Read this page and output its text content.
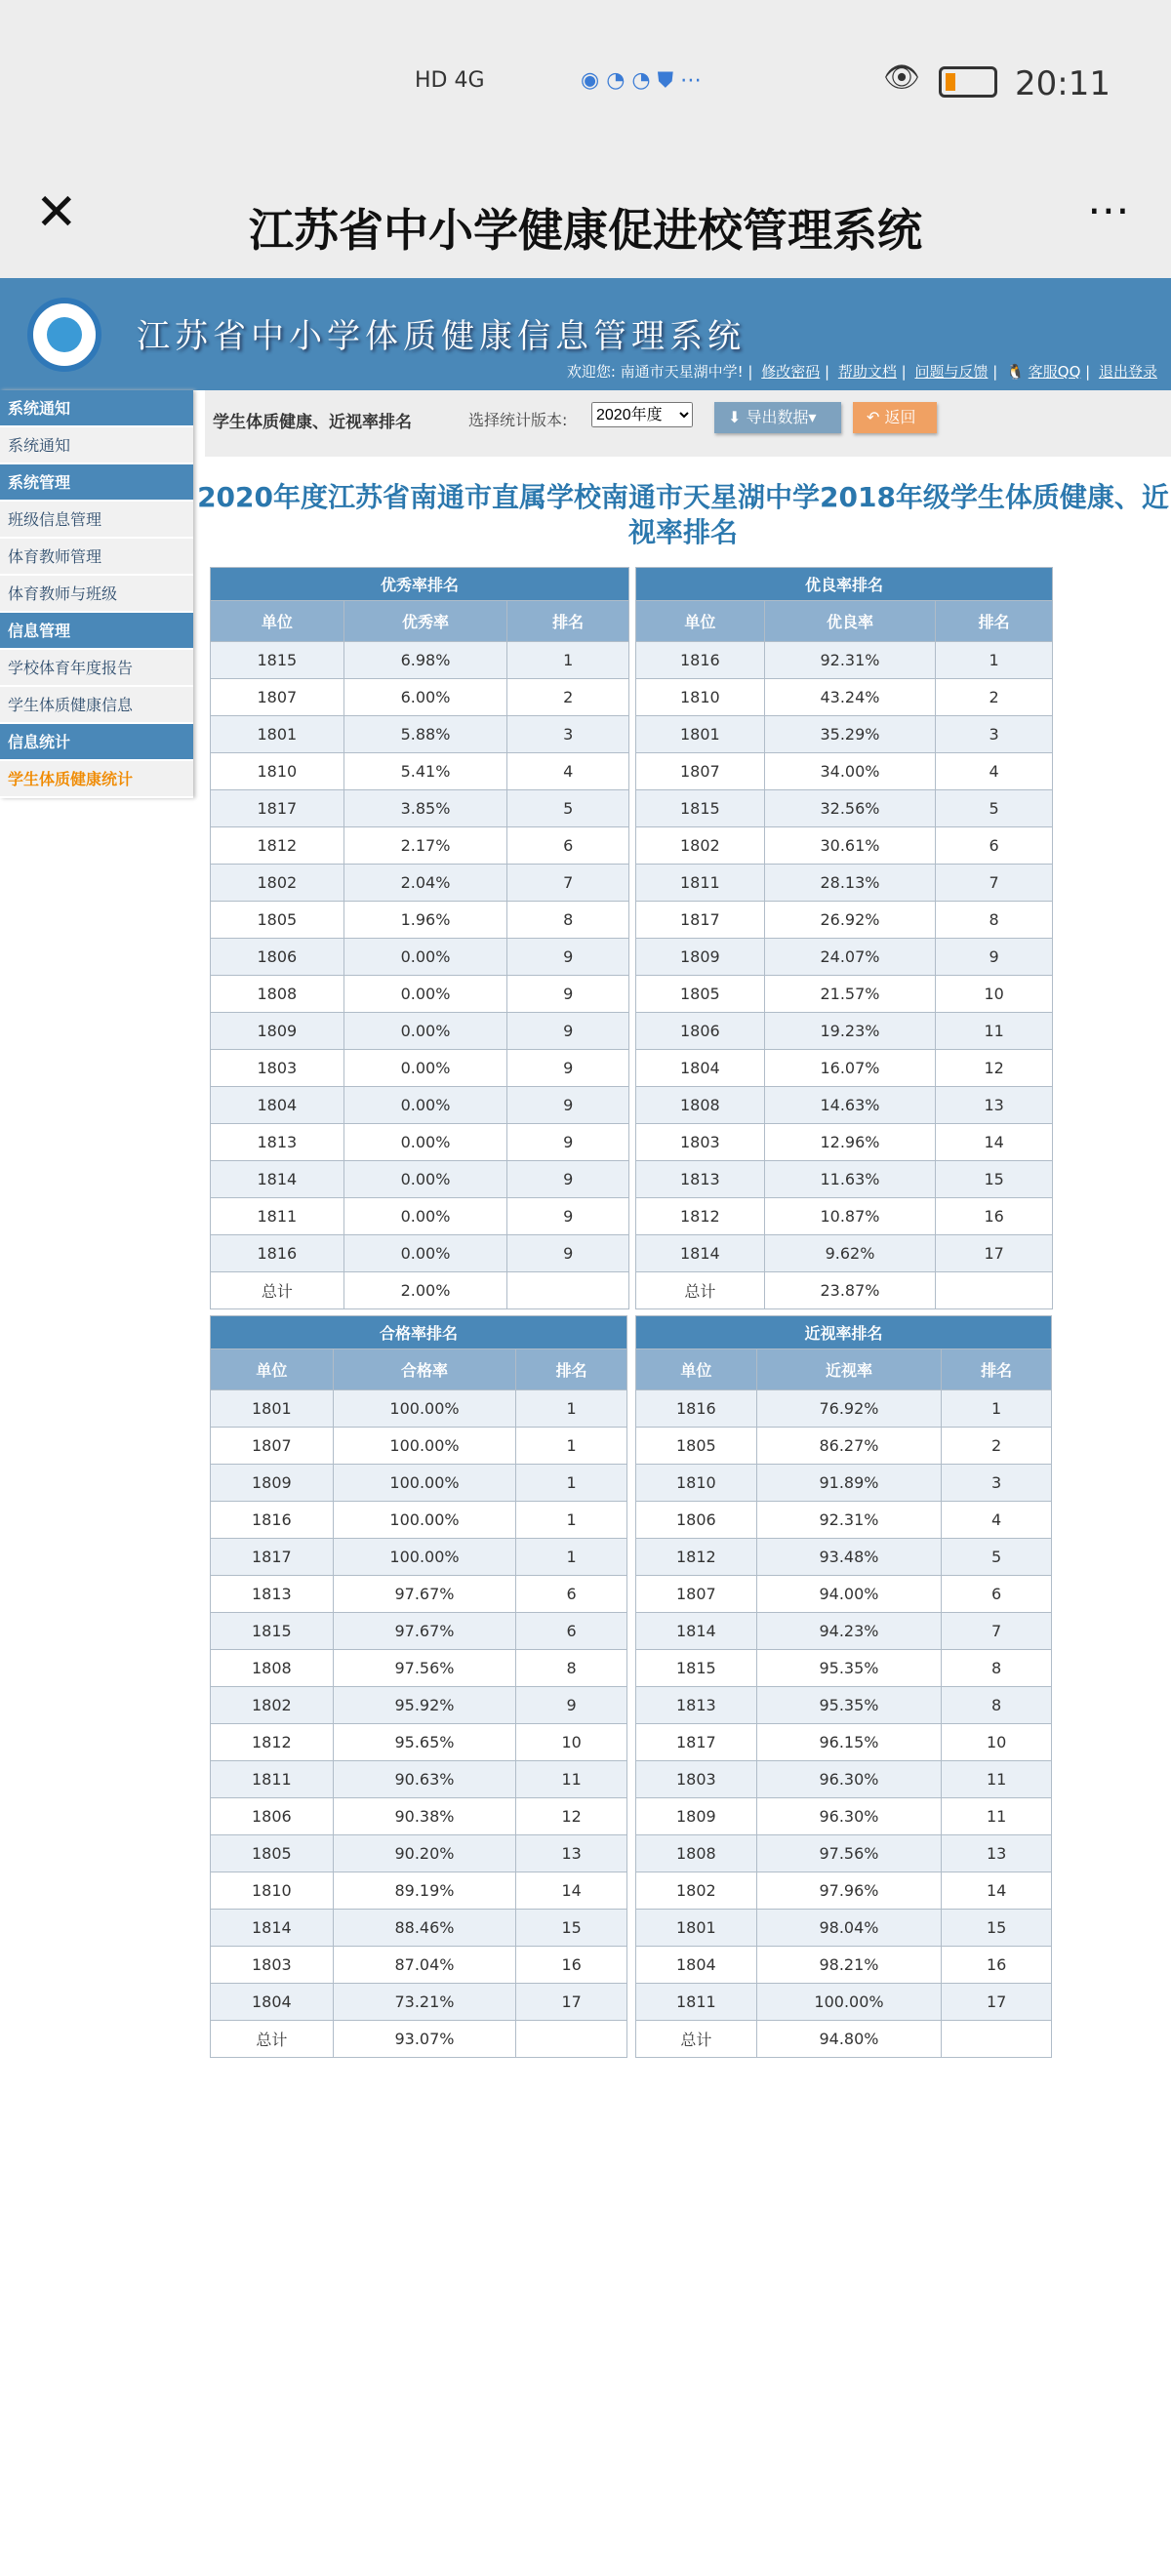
HD 4G	◉ ◔ ◔ ⛊ ⋯	👁	20:11
✕	江苏省中小学健康促进校管理系统	⋯
江苏省中小学体质健康信息管理系统
欢迎您: 南通市天星湖中学! | 修改密码 | 帮助文档 | 问题与反馈 | 🐧 客服QQ | 退出登录
系统通知
系统通知
系统管理
班级信息管理
体育教师管理
体育教师与班级
信息管理
学校体育年度报告
学生体质健康信息
信息统计
学生体质健康统计
学生体质健康、近视率排名	选择统计版本:
2020年度	⬇ 导出数据▾	↶ 返回
2020年度江苏省南通市直属学校南通市天星湖中学2018年级学生体质健康、近视率排名
优秀率排名		
单位	优秀率	排名
1815	6.98%	1
1807	6.00%	2
1801	5.88%	3
1810	5.41%	4
1817	3.85%	5
1812	2.17%	6
1802	2.04%	7
1805	1.96%	8
1806	0.00%	9
1808	0.00%	9
1809	0.00%	9
1803	0.00%	9
1804	0.00%	9
1813	0.00%	9
1814	0.00%	9
1811	0.00%	9
1816	0.00%	9
总计	2.00%	
优良率排名		
单位	优良率	排名
1816	92.31%	1
1810	43.24%	2
1801	35.29%	3
1807	34.00%	4
1815	32.56%	5
1802	30.61%	6
1811	28.13%	7
1817	26.92%	8
1809	24.07%	9
1805	21.57%	10
1806	19.23%	11
1804	16.07%	12
1808	14.63%	13
1803	12.96%	14
1813	11.63%	15
1812	10.87%	16
1814	9.62%	17
总计	23.87%	
合格率排名		
单位	合格率	排名
1801	100.00%	1
1807	100.00%	1
1809	100.00%	1
1816	100.00%	1
1817	100.00%	1
1813	97.67%	6
1815	97.67%	6
1808	97.56%	8
1802	95.92%	9
1812	95.65%	10
1811	90.63%	11
1806	90.38%	12
1805	90.20%	13
1810	89.19%	14
1814	88.46%	15
1803	87.04%	16
1804	73.21%	17
总计	93.07%	
近视率排名		
单位	近视率	排名
1816	76.92%	1
1805	86.27%	2
1810	91.89%	3
1806	92.31%	4
1812	93.48%	5
1807	94.00%	6
1814	94.23%	7
1815	95.35%	8
1813	95.35%	8
1817	96.15%	10
1803	96.30%	11
1809	96.30%	11
1808	97.56%	13
1802	97.96%	14
1801	98.04%	15
1804	98.21%	16
1811	100.00%	17
总计	94.80%	
